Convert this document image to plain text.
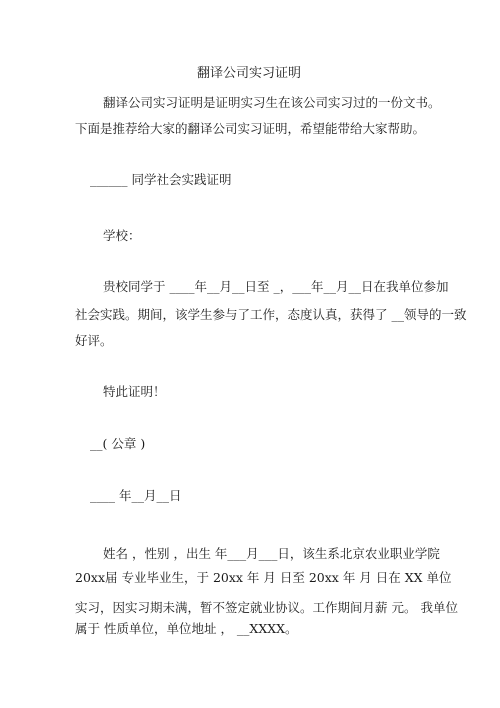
翻译公司实习证明
翻译公司实习证明是证明实习生在该公司实习过的一份文书。
下面是推荐给大家的翻译公司实习证明，希望能带给大家帮助。
______ 同学社会实践证明
学校：
贵校同学于 ____年__月__日至 _，___年__月__日在我单位参加
社会实践。期间，该学生参与了工作，态度认真，获得了 __领导的一致
好评。
特此证明！
__( 公章 )
____ 年__月__日
姓名 ，性别 ，出生 年___月___日，该生系北京农业职业学院
20xx届 专业毕业生，于 20xx 年 月 日至 20xx 年 月 日在 XX 单位
实习，因实习期未满，暂不签定就业协议。工作期间月薪 元。 我单位
属于 性质单位，单位地址 ， __XXXX。
